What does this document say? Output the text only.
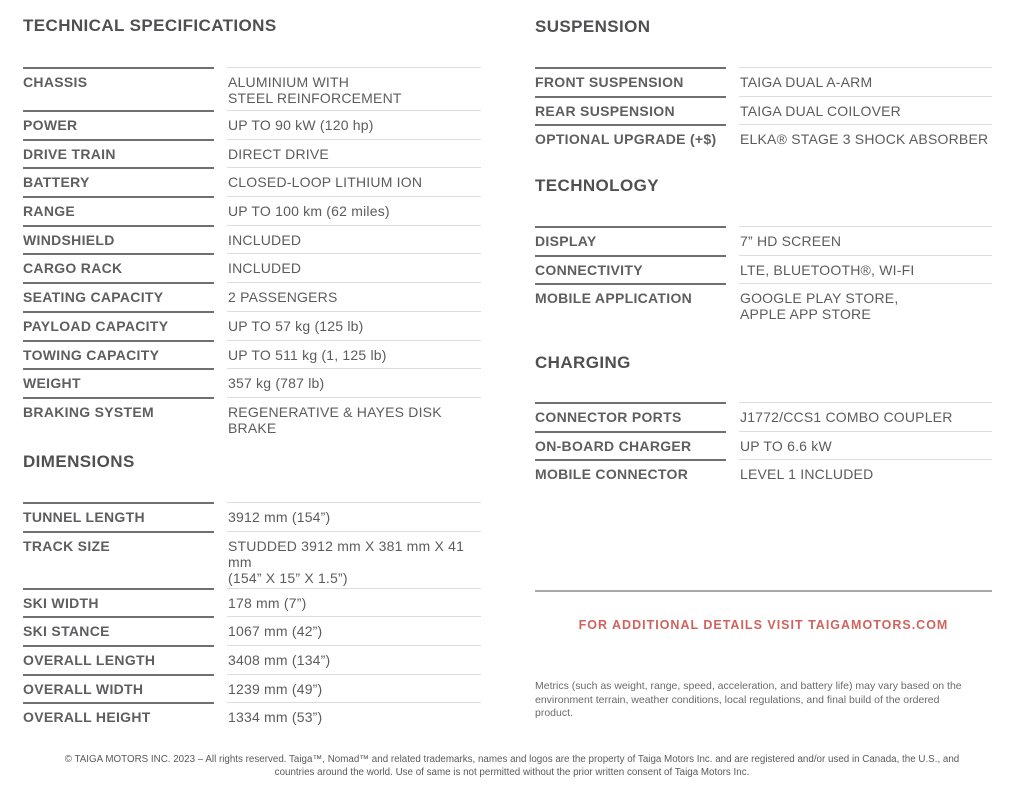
TECHNICAL SPECIFICATIONS
CHASSIS	ALUMINIUM WITH
STEEL REINFORCEMENT
POWER	UP TO 90 kW (120 hp)
DRIVE TRAIN	DIRECT DRIVE
BATTERY	CLOSED-LOOP LITHIUM ION
RANGE	UP TO 100 km (62 miles)
WINDSHIELD	INCLUDED
CARGO RACK	INCLUDED
SEATING CAPACITY	2 PASSENGERS
PAYLOAD CAPACITY	UP TO 57 kg (125 lb)
TOWING CAPACITY	UP TO 511 kg (1, 125 lb)
WEIGHT	357 kg (787 lb)
BRAKING SYSTEM	REGENERATIVE & HAYES DISK BRAKE
DIMENSIONS
TUNNEL LENGTH	3912 mm (154”)
TRACK SIZE	STUDDED 3912 mm X 381 mm X 41 mm
(154” X 15” X 1.5”)
SKI WIDTH	178 mm (7”)
SKI STANCE	1067 mm (42”)
OVERALL LENGTH	3408 mm (134”)
OVERALL WIDTH	1239 mm (49”)
OVERALL HEIGHT	1334 mm (53”)
SUSPENSION
FRONT SUSPENSION	TAIGA DUAL A-ARM
REAR SUSPENSION	TAIGA DUAL COILOVER
OPTIONAL UPGRADE (+$)	ELKA® STAGE 3 SHOCK ABSORBER
TECHNOLOGY
DISPLAY	7” HD SCREEN
CONNECTIVITY	LTE, BLUETOOTH®, WI-FI
MOBILE APPLICATION	GOOGLE PLAY STORE,
APPLE APP STORE
CHARGING
CONNECTOR PORTS	J1772/CCS1 COMBO COUPLER
ON-BOARD CHARGER	UP TO 6.6 kW
MOBILE CONNECTOR	LEVEL 1 INCLUDED
FOR ADDITIONAL DETAILS VISIT TAIGAMOTORS.COM
Metrics (such as weight, range, speed, acceleration, and battery life) may vary based on the environment terrain, weather conditions, local regulations, and final build of the ordered product.
© TAIGA MOTORS INC. 2023 – All rights reserved. Taiga™, Nomad™ and related trademarks, names and logos are the property of Taiga Motors Inc. and are registered and/or used in Canada, the U.S., and countries around the world. Use of same is not permitted without the prior written consent of Taiga Motors Inc.
